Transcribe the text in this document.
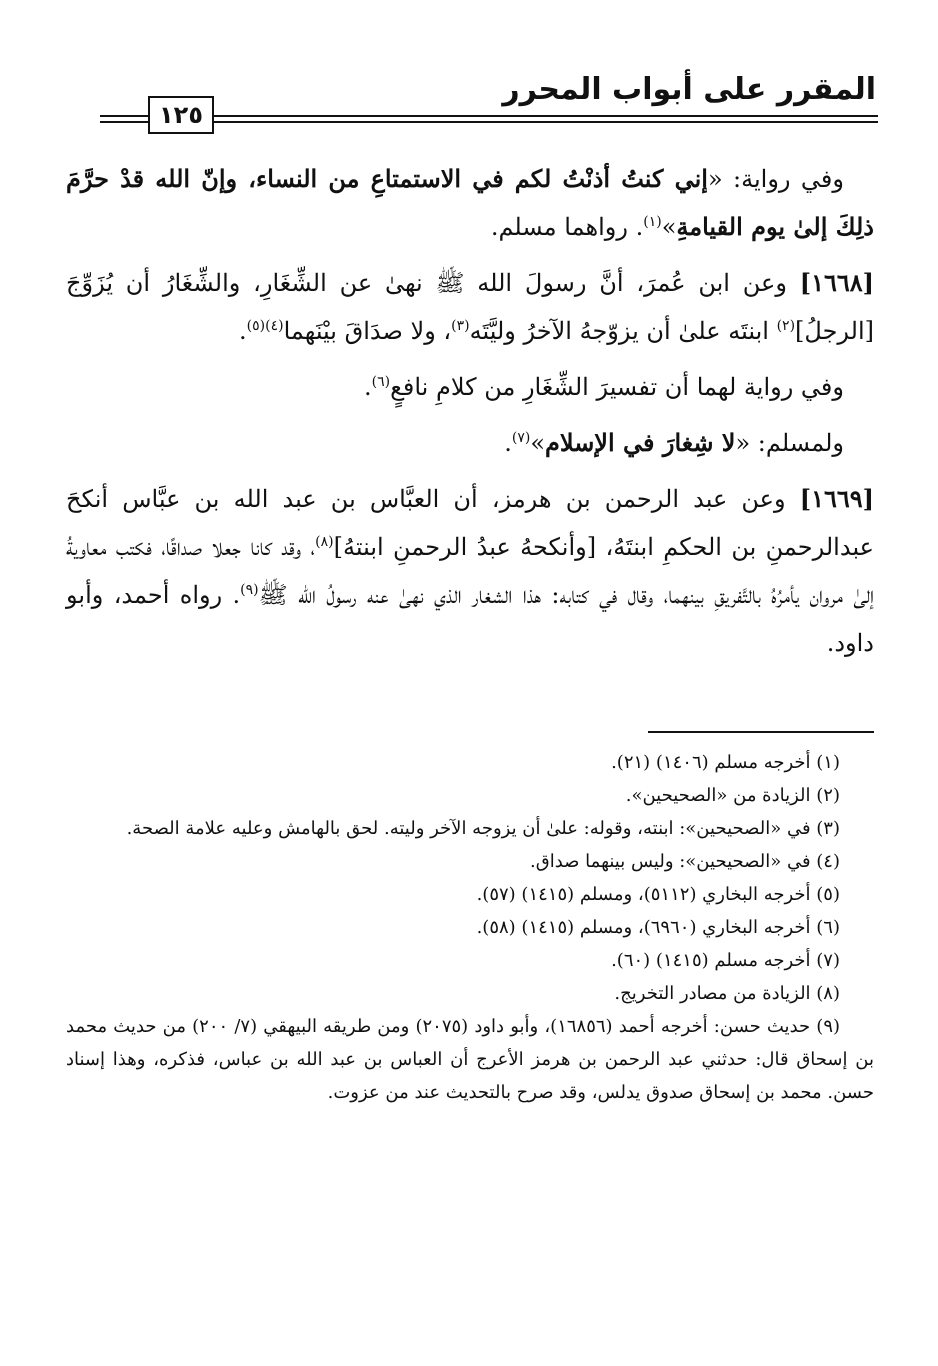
المقرر على أبواب المحرر
١٢٥

وفي رواية: «إني كنتُ أذنْتُ لكم في الاستمتاعِ من النساء، وإنّ الله قدْ حرَّمَ ذلِكَ إلىٰ يوم القيامةِ»$^{(١)}$. رواهما مسلم.

[١٦٦٨] وعن ابن عُمرَ، أنَّ رسولَ الله ﷺ نهىٰ عن الشِّغَارِ، والشِّغَارُ أن يُزَوِّجَ [الرجلُ]$^{(٢)}$ ابنتَه علىٰ أن يزوّجهُ الآخرُ وليَّتَه$^{(٣)}$، ولا صدَاقَ بيْنَهما$^{(٤)(٥)}$.

وفي رواية لهما أن تفسيرَ الشِّغَارِ من كلامِ نافعٍ$^{(٦)}$.

ولمسلم: «لا شِغارَ في الإسلام»$^{(٧)}$.

[١٦٦٩] وعن عبد الرحمن بن هرمز، أن العبَّاس بن عبد الله بن عبَّاس أنكحَ عبدالرحمنِ بن الحكمِ ابنتَهُ، [وأنكحهُ عبدُ الرحمنِ ابنتهُ]$^{(٨)}$، وقد كانا جعلا صداقًا، فكتب معاويةُ إلىٰ مروان يأمرُهُ بالتَّفريقِ بينهما، وقال في كتابه: هذا الشغار الذي نهىٰ عنه رسولُ الله ﷺ$^{(٩)}$. رواه أحمد، وأبو داود.

(١) أخرجه مسلم (١٤٠٦) (٢١).

(٢) الزيادة من «الصحيحين».

(٣) في «الصحيحين»: ابنته، وقوله: علىٰ أن يزوجه الآخر وليته. لحق بالهامش وعليه علامة الصحة.

(٤) في «الصحيحين»: وليس بينهما صداق.

(٥) أخرجه البخاري (٥١١٢)، ومسلم (١٤١٥) (٥٧).

(٦) أخرجه البخاري (٦٩٦٠)، ومسلم (١٤١٥) (٥٨).

(٧) أخرجه مسلم (١٤١٥) (٦٠).

(٨) الزيادة من مصادر التخريج.

(٩) حديث حسن: أخرجه أحمد (١٦٨٥٦)، وأبو داود (٢٠٧٥) ومن طريقه البيهقي (٧/ ٢٠٠) من حديث محمد بن إسحاق قال: حدثني عبد الرحمن بن هرمز الأعرج أن العباس بن عبد الله بن عباس، فذكره، وهذا إسناد حسن. محمد بن إسحاق صدوق يدلس، وقد صرح بالتحديث عند من عزوت.
